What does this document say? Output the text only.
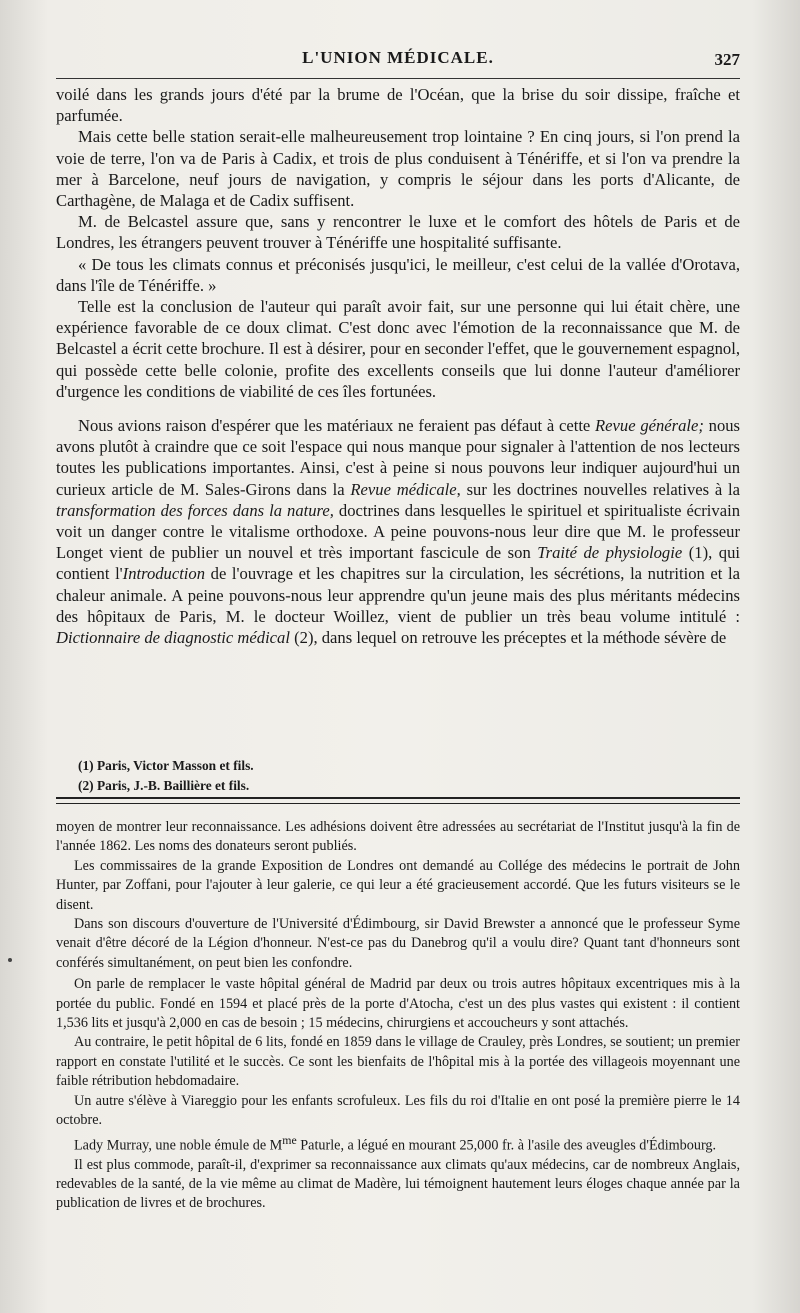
L'UNION MÉDICALE.	327

voilé dans les grands jours d'été par la brume de l'Océan, que la brise du soir dissipe, fraîche et parfumée.

Mais cette belle station serait-elle malheureusement trop lointaine ? En cinq jours, si l'on prend la voie de terre, l'on va de Paris à Cadix, et trois de plus conduisent à Ténériffe, et si l'on va prendre la mer à Barcelone, neuf jours de navigation, y compris le séjour dans les ports d'Alicante, de Carthagène, de Malaga et de Cadix suffisent.

M. de Belcastel assure que, sans y rencontrer le luxe et le comfort des hôtels de Paris et de Londres, les étrangers peuvent trouver à Ténériffe une hospitalité suffisante.

« De tous les climats connus et préconisés jusqu'ici, le meilleur, c'est celui de la vallée d'Orotava, dans l'île de Ténériffe. »

Telle est la conclusion de l'auteur qui paraît avoir fait, sur une personne qui lui était chère, une expérience favorable de ce doux climat. C'est donc avec l'émotion de la reconnaissance que M. de Belcastel a écrit cette brochure. Il est à désirer, pour en seconder l'effet, que le gouvernement espagnol, qui possède cette belle colonie, profite des excellents conseils que lui donne l'auteur d'améliorer d'urgence les conditions de viabilité de ces îles fortunées.

Nous avions raison d'espérer que les matériaux ne feraient pas défaut à cette Revue générale; nous avons plutôt à craindre que ce soit l'espace qui nous manque pour signaler à l'attention de nos lecteurs toutes les publications importantes. Ainsi, c'est à peine si nous pouvons leur indiquer aujourd'hui un curieux article de M. Sales-Girons dans la Revue médicale, sur les doctrines nouvelles relatives à la transformation des forces dans la nature, doctrines dans lesquelles le spirituel et spiritualiste écrivain voit un danger contre le vitalisme orthodoxe. A peine pouvons-nous leur dire que M. le professeur Longet vient de publier un nouvel et très important fascicule de son Traité de physiologie (1), qui contient l'Introduction de l'ouvrage et les chapitres sur la circulation, les sécrétions, la nutrition et la chaleur animale. A peine pouvons-nous leur apprendre qu'un jeune mais des plus méritants médecins des hôpitaux de Paris, M. le docteur Woillez, vient de publier un très beau volume intitulé : Dictionnaire de diagnostic médical (2), dans lequel on retrouve les préceptes et la méthode sévère de

(1) Paris, Victor Masson et fils.
(2) Paris, J.-B. Baillière et fils.

moyen de montrer leur reconnaissance. Les adhésions doivent être adressées au secrétariat de l'Institut jusqu'à la fin de l'année 1862. Les noms des donateurs seront publiés.

Les commissaires de la grande Exposition de Londres ont demandé au Collége des médecins le portrait de John Hunter, par Zoffani, pour l'ajouter à leur galerie, ce qui leur a été gracieusement accordé. Que les futurs visiteurs se le disent.

Dans son discours d'ouverture de l'Université d'Édimbourg, sir David Brewster a annoncé que le professeur Syme venait d'être décoré de la Légion d'honneur. N'est-ce pas du Danebrog qu'il a voulu dire? Quant tant d'honneurs sont conférés simultanément, on peut bien les confondre.

On parle de remplacer le vaste hôpital général de Madrid par deux ou trois autres hôpitaux excentriques mis à la portée du public. Fondé en 1594 et placé près de la porte d'Atocha, c'est un des plus vastes qui existent : il contient 1,536 lits et jusqu'à 2,000 en cas de besoin ; 15 médecins, chirurgiens et accoucheurs y sont attachés.

Au contraire, le petit hôpital de 6 lits, fondé en 1859 dans le village de Crauley, près Londres, se soutient; un premier rapport en constate l'utilité et le succès. Ce sont les bienfaits de l'hôpital mis à la portée des villageois moyennant une faible rétribution hebdomadaire.

Un autre s'élève à Viareggio pour les enfants scrofuleux. Les fils du roi d'Italie en ont posé la première pierre le 14 octobre.

Lady Murray, une noble émule de $M^{me}$ Paturle, a légué en mourant 25,000 fr. à l'asile des aveugles d'Édimbourg.

Il est plus commode, paraît-il, d'exprimer sa reconnaissance aux climats qu'aux médecins, car de nombreux Anglais, redevables de la santé, de la vie même au climat de Madère, lui témoignent hautement leurs éloges chaque année par la publication de livres et de brochures.
